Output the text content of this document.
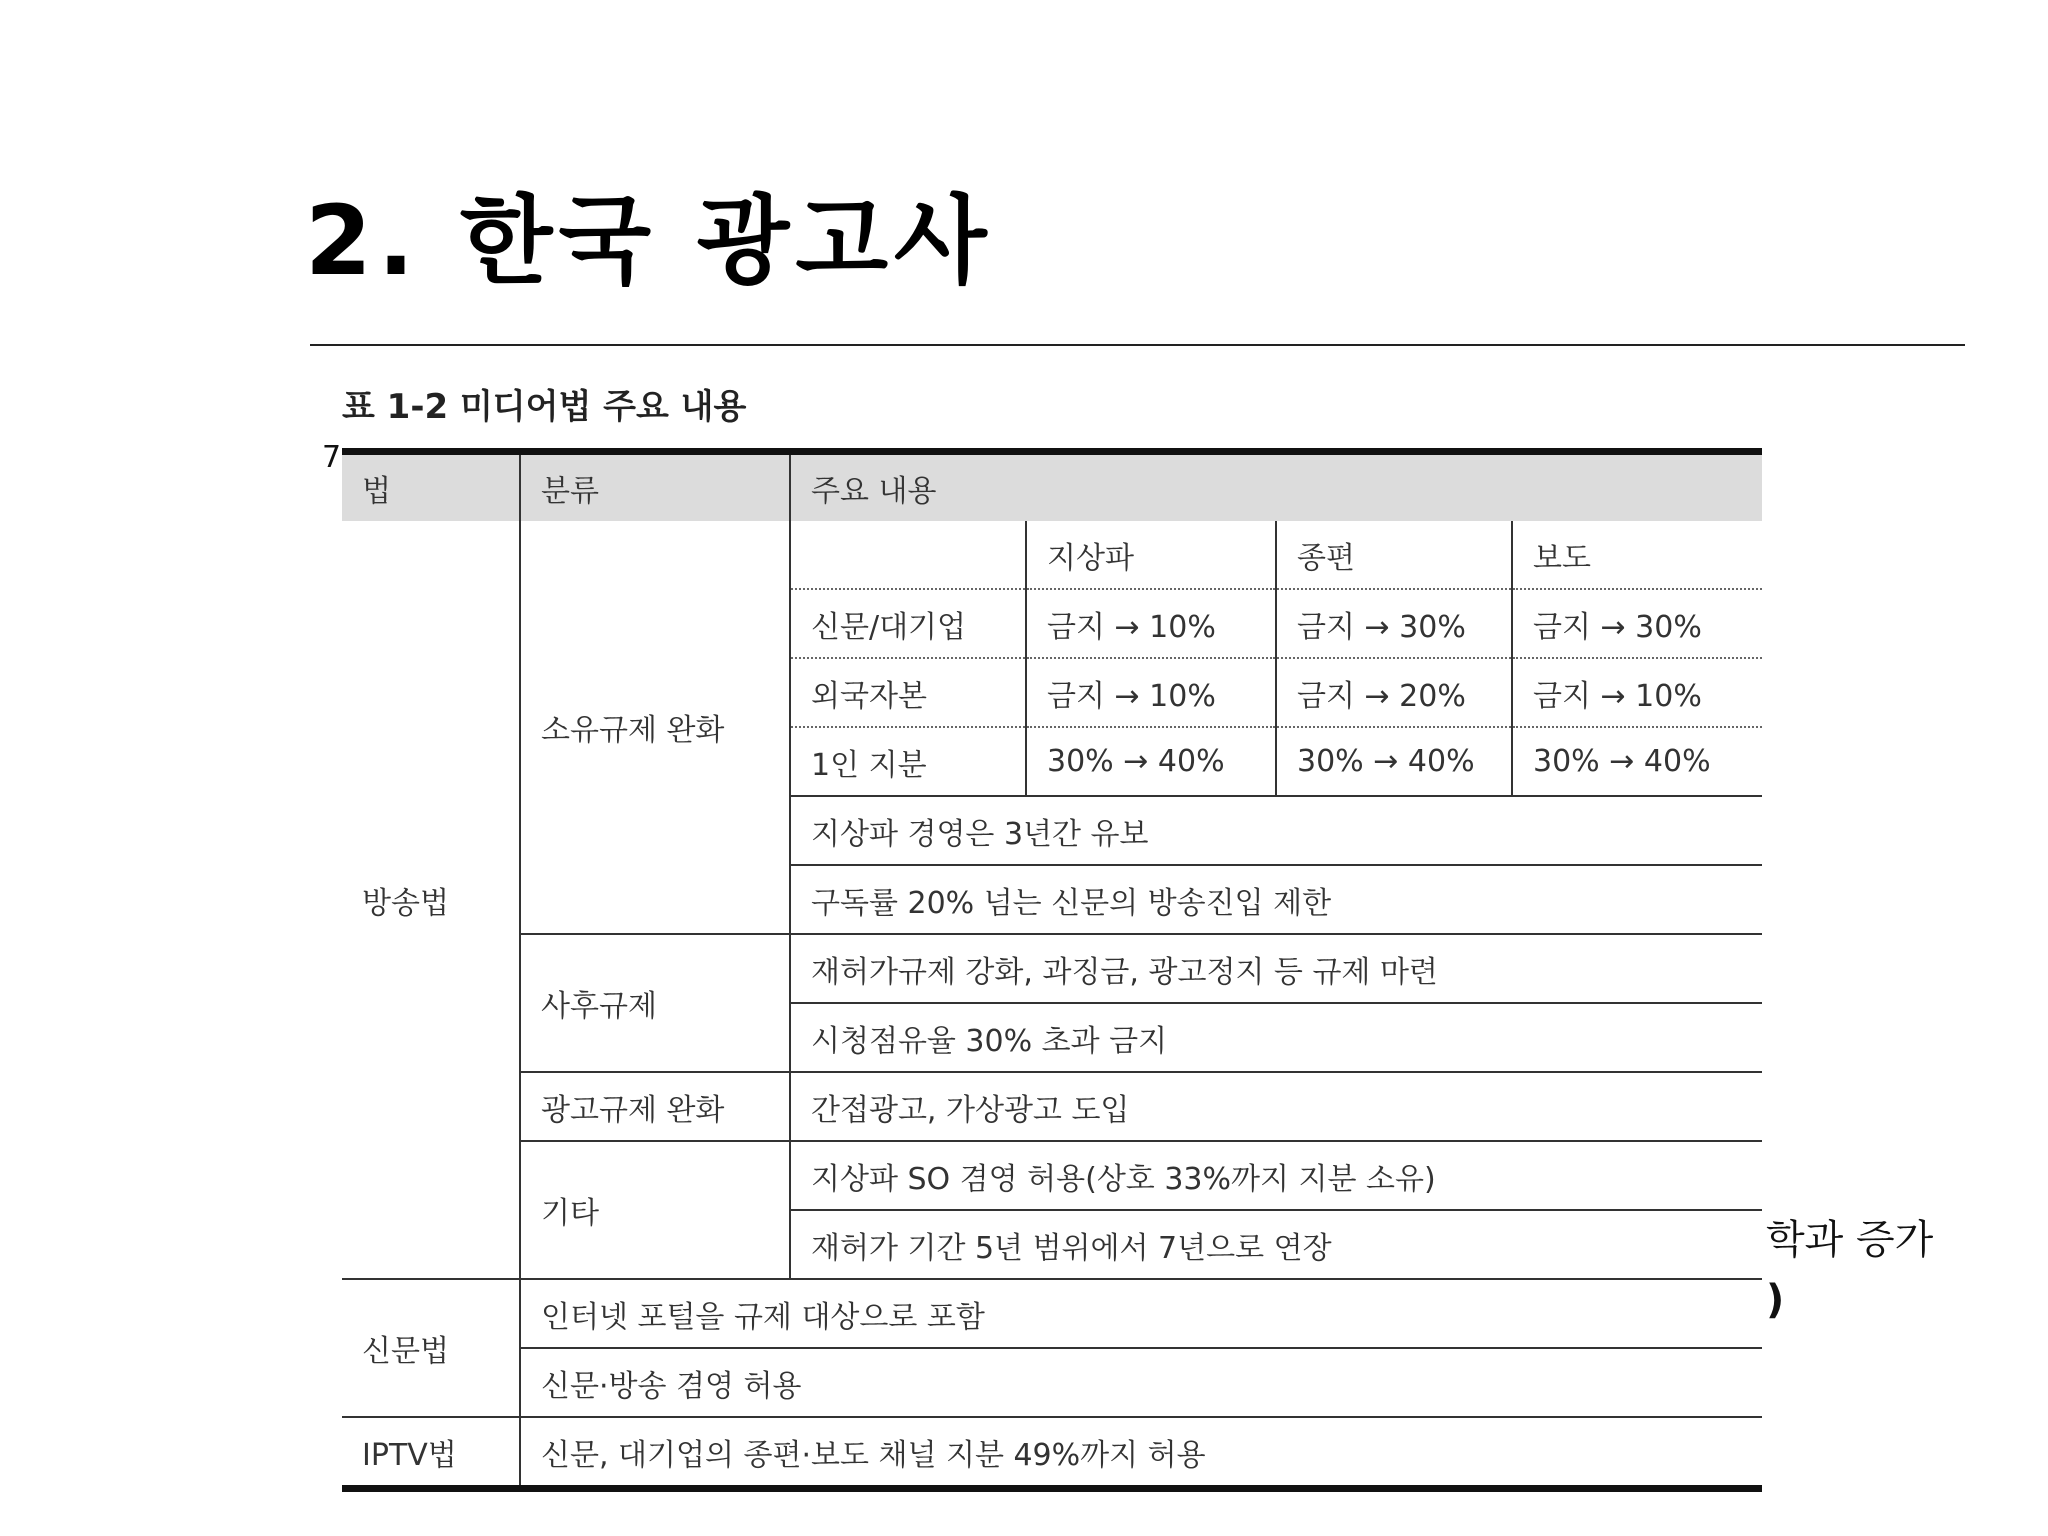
2. 한국 광고사
7
학과 증가
)
표 1-2 미디어법 주요 내용
법	분류	주요 내용			
방송법	소유규제 완화		지상파	종편	보도
		신문/대기업	금지 → 10%	금지 → 30%	금지 → 30%
		외국자본	금지 → 10%	금지 → 20%	금지 → 10%
		1인 지분	30% → 40%	30% → 40%	30% → 40%
		지상파 경영은 3년간 유보			
		구독률 20% 넘는 신문의 방송진입 제한			
	사후규제	재허가규제 강화, 과징금, 광고정지 등 규제 마련			
		시청점유율 30% 초과 금지			
	광고규제 완화	간접광고, 가상광고 도입			
	기타	지상파 SO 겸영 허용(상호 33%까지 지분 소유)			
		재허가 기간 5년 범위에서 7년으로 연장			
신문법	인터넷 포털을 규제 대상으로 포함				
	신문·방송 겸영 허용				
IPTV법	신문, 대기업의 종편·보도 채널 지분 49%까지 허용				
